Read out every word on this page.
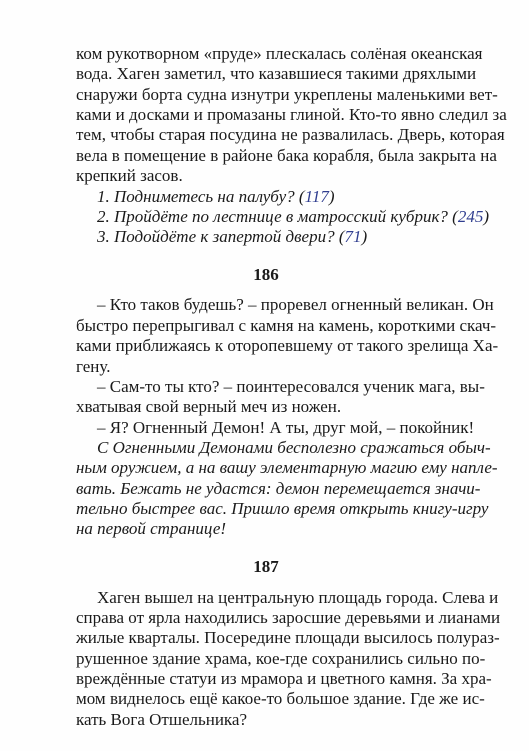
ком рукотворном «пруде» плескалась солёная океанская
вода. Хаген заметил, что казавшиеся такими дряхлыми
снаружи борта судна изнутри укреплены маленькими вет-
ками и досками и промазаны глиной. Кто-то явно следил за
тем, чтобы старая посудина не развалилась. Дверь, которая
вела в помещение в районе бака корабля, была закрыта на
крепкий засов.
1. Подниметесь на палубу? (117)
2. Пройдёте по лестнице в матросский кубрик? (245)
3. Подойдёте к запертой двери? (71)
186
– Кто таков будешь? – проревел огненный великан. Он
быстро перепрыгивал с камня на камень, короткими скач-
ками приближаясь к оторопевшему от такого зрелища Ха-
гену.
– Сам-то ты кто? – поинтересовался ученик мага, вы-
хватывая свой верный меч из ножен.
– Я? Огненный Демон! А ты, друг мой, – покойник!
С Огненными Демонами бесполезно сражаться обыч-
ным оружием, а на вашу элементарную магию ему напле-
вать. Бежать не удастся: демон перемещается значи-
тельно быстрее вас. Пришло время открыть книгу-игру
на первой странице!
187
Хаген вышел на центральную площадь города. Слева и
справа от ярла находились заросшие деревьями и лианами
жилые кварталы. Посередине площади высилось полураз-
рушенное здание храма, кое-где сохранились сильно по-
вреждённые статуи из мрамора и цветного камня. За хра-
мом виднелось ещё какое-то большое здание. Где же ис-
кать Вога Отшельника?
